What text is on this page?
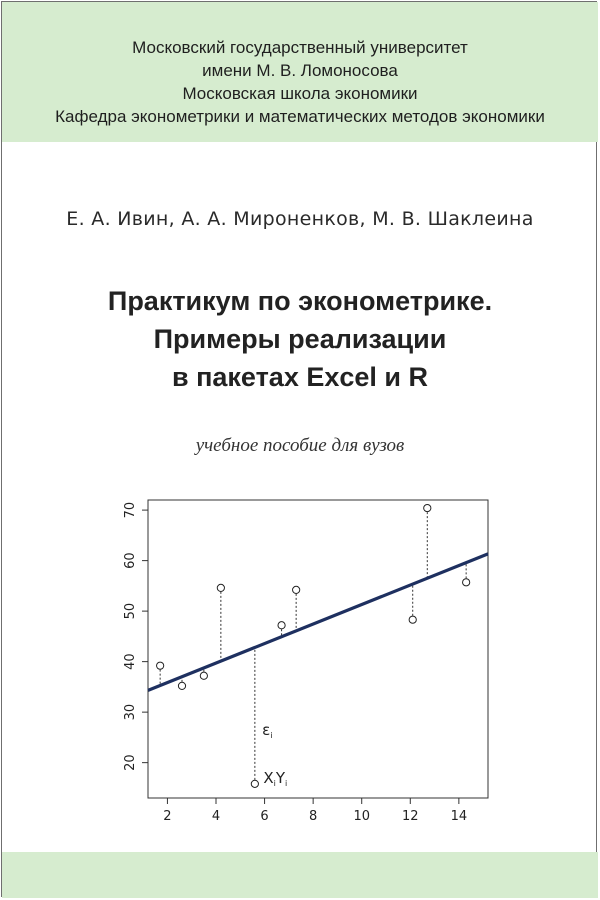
Московский государственный университет
имени М. В. Ломоносова
Московская школа экономики
Кафедра эконометрики и математических методов экономики
Е. А. Ивин, А. А. Мироненков, М. В. Шаклеина
Практикум по эконометрике.
Примеры реализации
в пакетах Excel и R
учебное пособие для вузов
2	4	6	8	10 12 14
20
30
40
50
60
70
$\varepsilon_i$
$X_iY_i$
